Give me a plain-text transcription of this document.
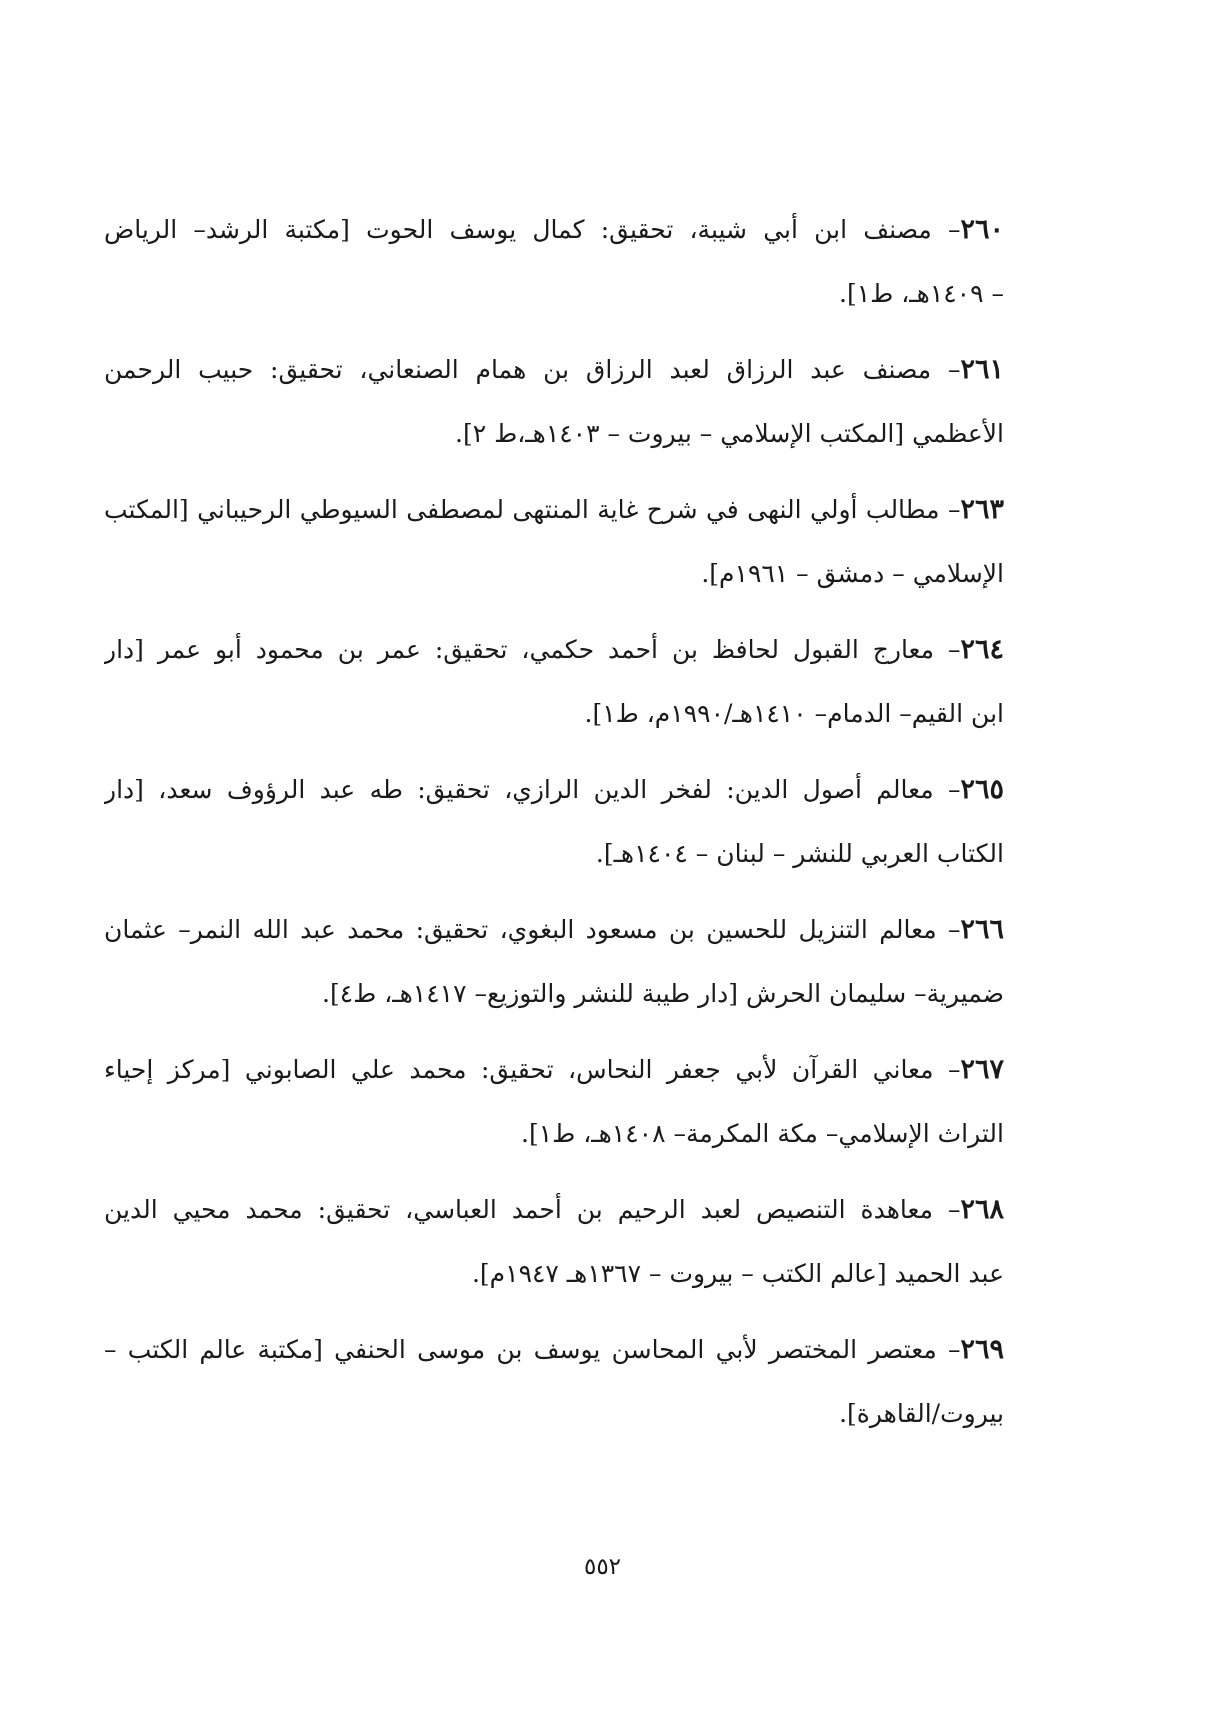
٢٦٠– مصنف ابن أبي شيبة، تحقيق: كمال يوسف الحوت [مكتبة الرشد– الرياض
– ١٤٠٩هـ، ط١].
٢٦١– مصنف عبد الرزاق لعبد الرزاق بن همام الصنعاني، تحقيق: حبيب الرحمن
الأعظمي [المكتب الإسلامي – بيروت – ١٤٠٣هـ،ط ٢].
٢٦٣– مطالب أولي النهى في شرح غاية المنتهى لمصطفى السيوطي الرحيباني [المكتب
الإسلامي – دمشق – ١٩٦١م].
٢٦٤– معارج القبول لحافظ بن أحمد حكمي، تحقيق: عمر بن محمود أبو عمر [دار
ابن القيم– الدمام– ١٤١٠هـ/١٩٩٠م، ط١].
٢٦٥– معالم أصول الدين: لفخر الدين الرازي، تحقيق: طه عبد الرؤوف سعد، [دار
الكتاب العربي للنشر – لبنان – ١٤٠٤هـ].
٢٦٦– معالم التنزيل للحسين بن مسعود البغوي، تحقيق: محمد عبد الله النمر– عثمان
ضميرية– سليمان الحرش [دار طيبة للنشر والتوزيع– ١٤١٧هـ، ط٤].
٢٦٧– معاني القرآن لأبي جعفر النحاس، تحقيق: محمد علي الصابوني [مركز إحياء
التراث الإسلامي– مكة المكرمة– ١٤٠٨هـ، ط١].
٢٦٨– معاهدة التنصيص لعبد الرحيم بن أحمد العباسي، تحقيق: محمد محيي الدين
عبد الحميد [عالم الكتب – بيروت – ١٣٦٧هـ ١٩٤٧م].
٢٦٩– معتصر المختصر لأبي المحاسن يوسف بن موسى الحنفي [مكتبة عالم الكتب –
بيروت/القاهرة].
٥٥٢
